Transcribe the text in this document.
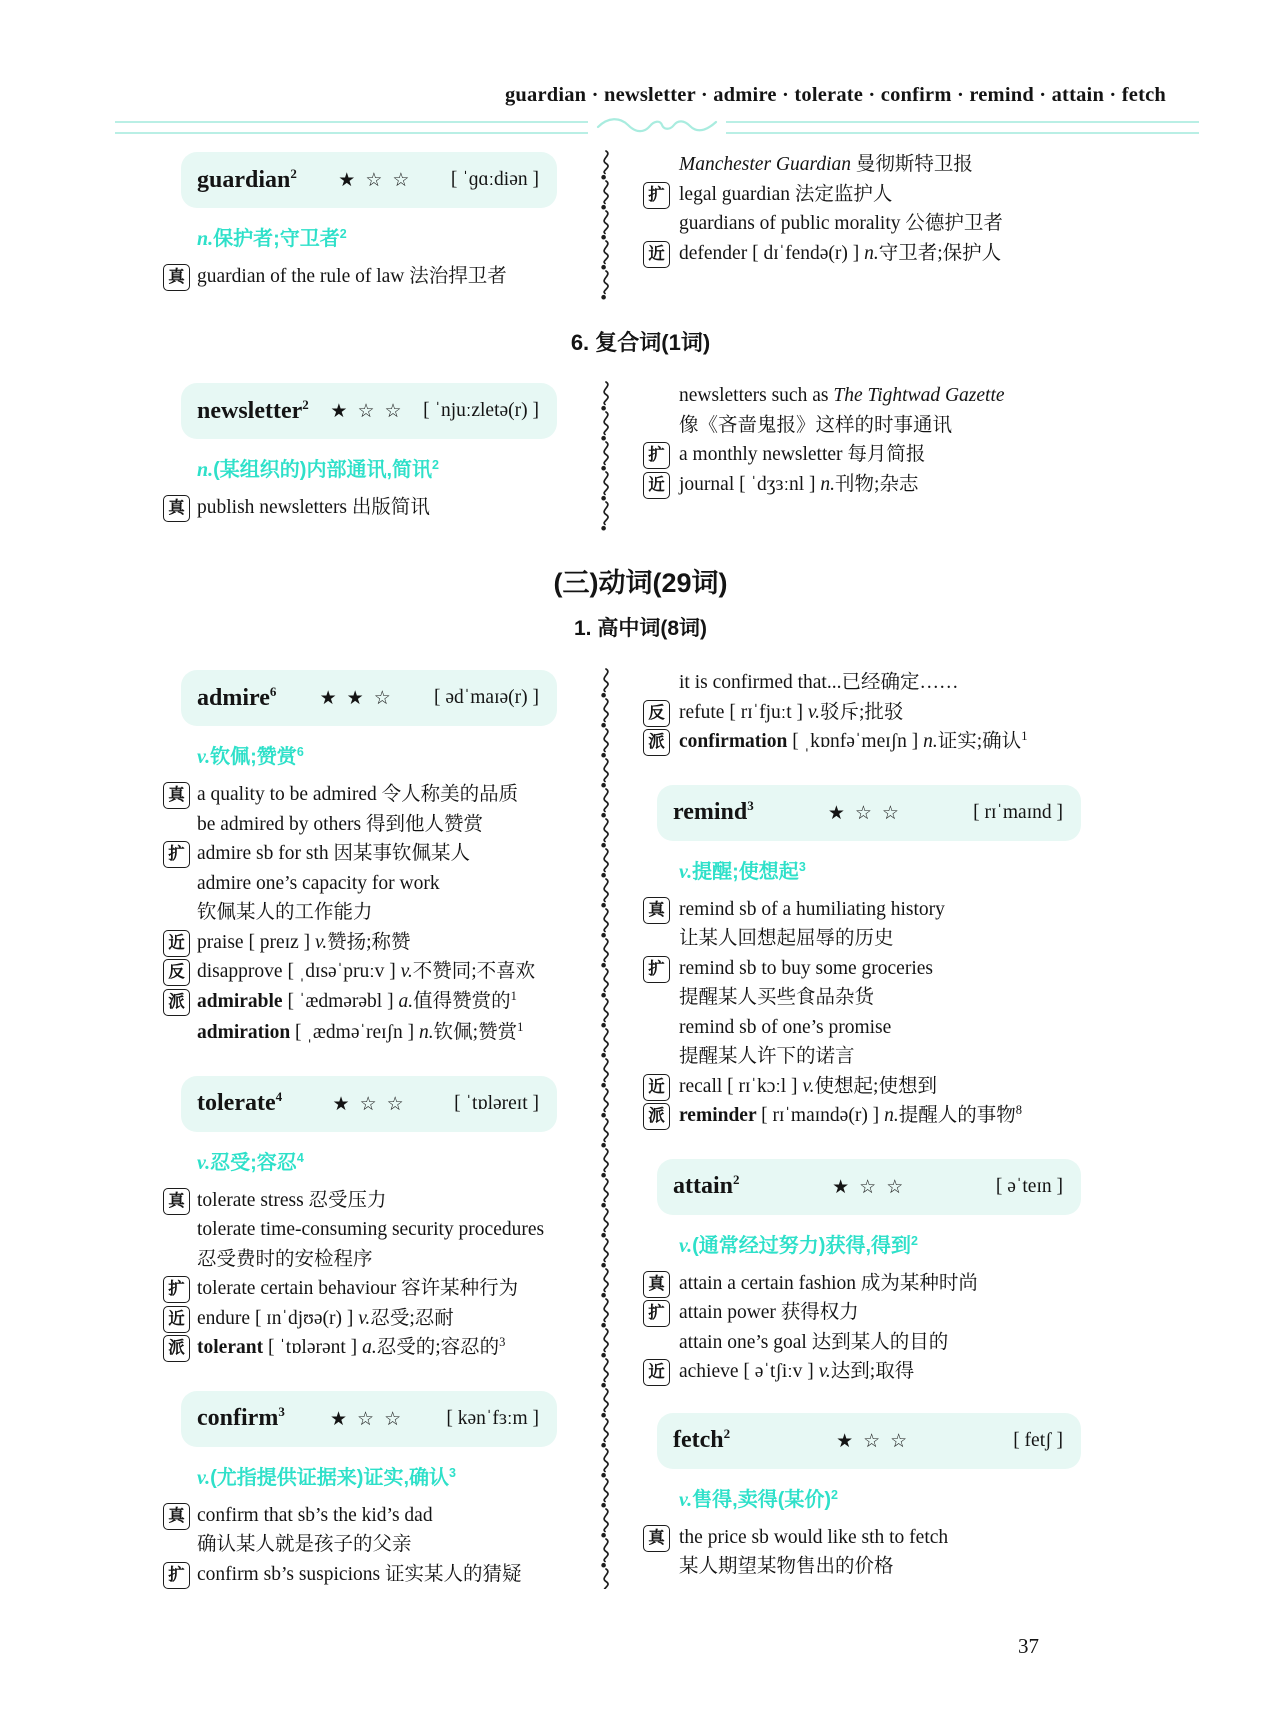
guardian · newsletter · admire · tolerate · confirm · remind · attain · fetch
guardian$^2$	★☆☆	[ ˈɡɑːdiən ]
n.保护者;守卫者$^2$
真 guardian of the rule of law 法治捍卫者
Manchester Guardian 曼彻斯特卫报
扩 legal guardian 法定监护人
guardians of public morality 公德护卫者
近 defender [ dɪˈfendə(r) ] n.守卫者;保护人
6. 复合词(1词)
newsletter$^2$	★☆☆ [ ˈnjuːzletə(r) ]
n.(某组织的)内部通讯,简讯$^2$
真 publish newsletters 出版简讯
newsletters such as The Tightwad Gazette
像《吝啬鬼报》这样的时事通讯
扩 a monthly newsletter 每月简报
近 journal [ ˈdʒɜːnl ] n.刊物;杂志
(三)动词(29词)
1. 高中词(8词)
admire$^6$	★★☆	[ ədˈmaɪə(r) ]
v.钦佩;赞赏$^6$
真 a quality to be admired 令人称美的品质
be admired by others 得到他人赞赏
扩 admire sb for sth 因某事钦佩某人
admire one’s capacity for work
钦佩某人的工作能力
近 praise [ preɪz ] v.赞扬;称赞
反 disapprove [ ˌdɪsəˈpruːv ] v.不赞同;不喜欢
派 admirable [ ˈædmərəbl ] a.值得赞赏的$^1$
admiration [ ˌædməˈreɪʃn ] n.钦佩;赞赏$^1$
tolerate$^4$	★☆☆	[ ˈtɒləreɪt ]
v.忍受;容忍$^4$
真 tolerate stress 忍受压力
tolerate time-consuming security procedures
忍受费时的安检程序
扩 tolerate certain behaviour 容许某种行为
近 endure [ ɪnˈdjʊə(r) ] v.忍受;忍耐
派 tolerant [ ˈtɒlərənt ] a.忍受的;容忍的$^3$
confirm$^3$	★☆☆	[ kənˈfɜːm ]
v.(尤指提供证据来)证实,确认$^3$
真 confirm that sb’s the kid’s dad
确认某人就是孩子的父亲
扩 confirm sb’s suspicions 证实某人的猜疑
it is confirmed that...已经确定……
反 refute [ rɪˈfjuːt ] v.驳斥;批驳
派 confirmation [ ˌkɒnfəˈmeɪʃn ] n.证实;确认$^1$
remind$^3$	★☆☆	[ rɪˈmaɪnd ]
v.提醒;使想起$^3$
真 remind sb of a humiliating history
让某人回想起屈辱的历史
扩 remind sb to buy some groceries
提醒某人买些食品杂货
remind sb of one’s promise
提醒某人许下的诺言
近 recall [ rɪˈkɔːl ] v.使想起;使想到
派 reminder [ rɪˈmaɪndə(r) ] n.提醒人的事物$^8$
attain$^2$	★☆☆	[ əˈteɪn ]
v.(通常经过努力)获得,得到$^2$
真 attain a certain fashion 成为某种时尚
扩 attain power 获得权力
attain one’s goal 达到某人的目的
近 achieve [ əˈtʃiːv ] v.达到;取得
fetch$^2$	★☆☆	[ fetʃ ]
v.售得,卖得(某价)$^2$
真 the price sb would like sth to fetch
某人期望某物售出的价格
37
